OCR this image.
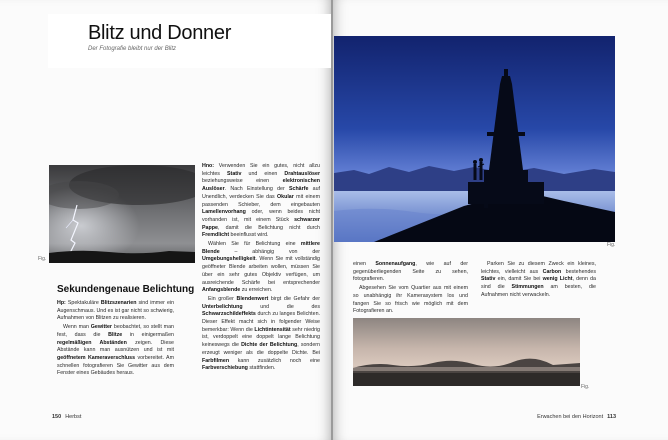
Blitz und Donner
Der Fotografie bleibt nur der Blitz
Fig.
Sekundengenaue Belichtung

Hp: Spektakuläre Blitzszenarien sind immer ein Augenschmaus. Und es ist gar nicht so schwierig, Aufnahmen von Blitzen zu realisieren.

Wenn man Gewitter beobachtet, so stellt man fest, dass die Blitze in einigermaßen regelmäßigen Abständen zeigen. Diese Abstände kann man ausnützen und ist mit geöffnetem Kameraverschluss vorbereitet. Am schnellen fotografieren Sie Gewitter aus dem Fenster eines Gebäudes heraus.

Hno: Verwenden Sie ein gutes, nicht allzu leichtes Stativ und einen Drahtauslöser beziehungsweise einen elektronischen Auslöser. Nach Einstellung der Schärfe auf Unendlich, verdecken Sie das Okular mit einem passenden Schieber, dem eingebauten Lamellenvorhang oder, wenn beides nicht vorhanden ist, mit einem Stück schwarzer Pappe, damit die Belichtung nicht durch Fremdlicht beeinflusst wird.

Wählen Sie für Belichtung eine mittlere Blende – abhängig von der Umgebungshelligkeit. Wenn Sie mit vollständig geöffneter Blende arbeiten wollen, müssen Sie über ein sehr gutes Objektiv verfügen, um ausreichende Schärfe bei entsprechender Anfangsblende zu erreichen.

Ein großer Blendenwert birgt die Gefahr der Unterbelichtung und die des Schwarzschildeffekts durch zu langes Belichten. Dieser Effekt macht sich in folgender Weise bemerkbar: Wenn die Lichtintensität sehr niedrig ist, verdoppelt eine doppelt lange Belichtung keineswegs die Dichte der Belichtung, sondern erzeugt weniger als die doppelte Dichte. Bei Farbfilmen kann zusätzlich noch eine Farbverschiebung stattfinden.

150 Herbst
Fig.

einen Sonnenaufgang, wie auf der gegenüberliegenden Seite zu sehen, fotografieren.

Abgesehen Sie vom Quartier aus mit einem so unabhängig ihr Kamerasystem los und fangen Sie so frisch wie möglich mit dem Fotografieren an.

Parken Sie zu diesem Zweck ein kleines, leichtes, vielleicht aus Carbon bestehendes Stativ ein, damit Sie bei wenig Licht, denn da sind die Stimmungen am besten, die Aufnahmen nicht verwackeln.

Fig.
Erwachen bei den Horizont 113
